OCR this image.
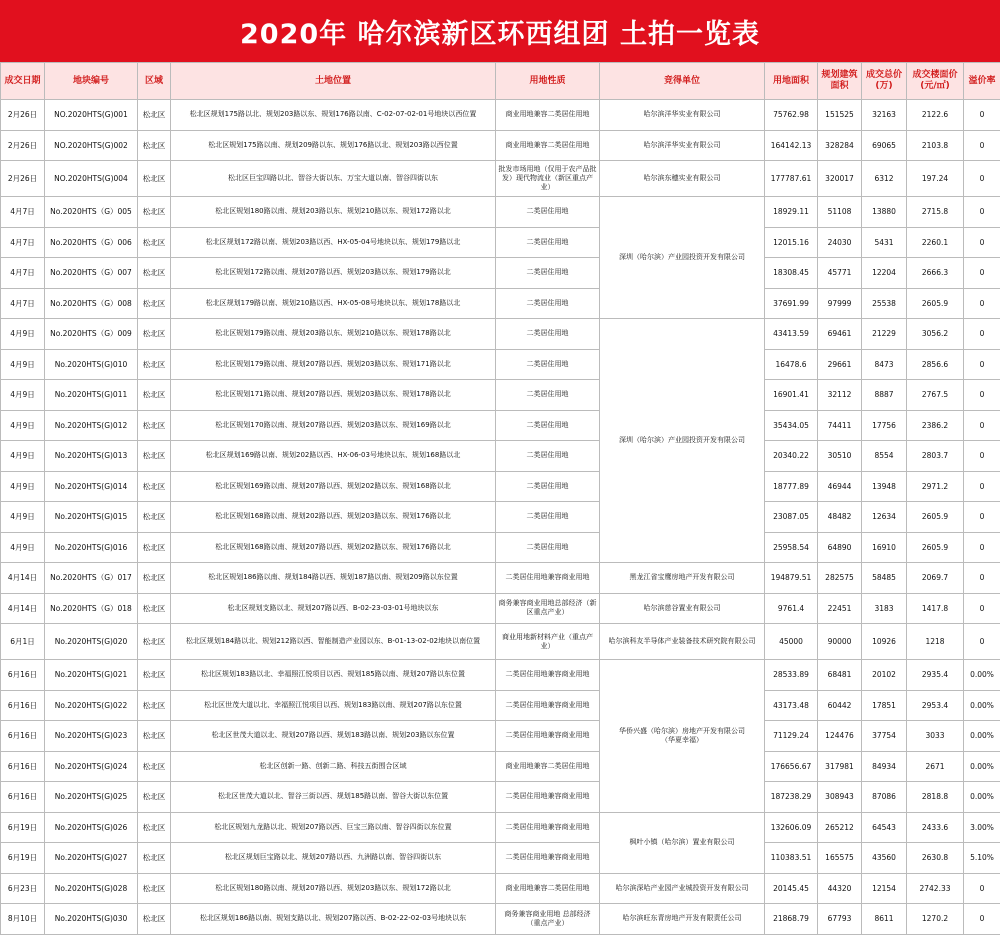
2020年 哈尔滨新区环西组团 土拍一览表
成交日期	地块编号	区域	土地位置	用地性质	竞得单位	用地面积	规划建筑面积	成交总价(万)	成交楼面价(元/㎡)	溢价率
2月26日	NO.2020HTS(G)001	松北区	松北区规划175路以北、规划203路以东、规划176路以南、C-02-07-02-01号地块以西位置	商业用地兼容二类居住用地	哈尔滨洋华实业有限公司	75762.98	151525	32163	2122.6	0
2月26日	NO.2020HTS(G)002	松北区	松北区规划175路以南、规划209路以东、规划176路以北、规划203路以西位置	商业用地兼容二类居住用地	哈尔滨洋华实业有限公司	164142.13	328284	69065	2103.8	0
2月26日	NO.2020HTS(G)004	松北区	松北区巨宝四路以北、智谷大街以东、万宝大道以南、智谷四街以东	批发市场用地（仅用于农产品批发）现代物流业（新区重点产业）	哈尔滨东穗实业有限公司	177787.61	320017	6312	197.24	0
4月7日	No.2020HTS（G）005	松北区	松北区规划180路以南、规划203路以东、规划210路以东、规划172路以北	二类居住用地	深圳（哈尔滨）产业园投资开发有限公司	18929.11	51108	13880	2715.8	0
4月7日	No.2020HTS（G）006	松北区	松北区规划172路以南、规划203路以西、HX-05-04号地块以东、规划179路以北	二类居住用地		12015.16	24030	5431	2260.1	0
4月7日	No.2020HTS（G）007	松北区	松北区规划172路以南、规划207路以西、规划203路以东、规划179路以北	二类居住用地		18308.45	45771	12204	2666.3	0
4月7日	No.2020HTS（G）008	松北区	松北区规划179路以南、规划210路以西、HX-05-08号地块以东、规划178路以北	二类居住用地		37691.99	97999	25538	2605.9	0
4月9日	No.2020HTS（G）009	松北区	松北区规划179路以南、规划203路以东、规划210路以东、规划178路以北	二类居住用地	深圳（哈尔滨）产业园投资开发有限公司	43413.59	69461	21229	3056.2	0
4月9日	No.2020HTS(G)010	松北区	松北区规划179路以南、规划207路以西、规划203路以东、规划171路以北	二类居住用地		16478.6	29661	8473	2856.6	0
4月9日	No.2020HTS(G)011	松北区	松北区规划171路以南、规划207路以西、规划203路以东、规划178路以北	二类居住用地		16901.41	32112	8887	2767.5	0
4月9日	No.2020HTS(G)012	松北区	松北区规划170路以南、规划207路以西、规划203路以东、规划169路以北	二类居住用地		35434.05	74411	17756	2386.2	0
4月9日	No.2020HTS(G)013	松北区	松北区规划169路以南、规划202路以西、HX-06-03号地块以东、规划168路以北	二类居住用地		20340.22	30510	8554	2803.7	0
4月9日	No.2020HTS(G)014	松北区	松北区规划169路以南、规划207路以西、规划202路以东、规划168路以北	二类居住用地		18777.89	46944	13948	2971.2	0
4月9日	No.2020HTS(G)015	松北区	松北区规划168路以南、规划202路以西、规划203路以东、规划176路以北	二类居住用地		23087.05	48482	12634	2605.9	0
4月9日	No.2020HTS(G)016	松北区	松北区规划168路以南、规划207路以西、规划202路以东、规划176路以北	二类居住用地		25958.54	64890	16910	2605.9	0
4月14日	No.2020HTS（G）017	松北区	松北区规划186路以南、规划184路以西、规划187路以南、规划209路以东位置	二类居住用地兼容商业用地	黑龙江省宝鹰房地产开发有限公司	194879.51	282575	58485	2069.7	0
4月14日	No.2020HTS（G）018	松北区	松北区规划支路以北、规划207路以西、B-02-23-03-01号地块以东	商务兼容商业用地总部经济（新区重点产业）	哈尔滨慈谷置业有限公司	9761.4	22451	3183	1417.8	0
6月1日	No.2020HTS(G)020	松北区	松北区规划184路以北、规划212路以西、智能制造产业园以东、B-01-13-02-02地块以南位置	商业用地新材料产业（重点产业）	哈尔滨科友半导体产业装备技术研究院有限公司	45000	90000	10926	1218	0
6月16日	No.2020HTS(G)021	松北区	松北区规划183路以北、幸福照江悦项目以西、规划185路以南、规划207路以东位置	二类居住用地兼容商业用地	华侨兴盛（哈尔滨）房地产开发有限公司
（华夏幸福）	28533.89	68481	20102	2935.4	0.00%
6月16日	No.2020HTS(G)022	松北区	松北区世茂大道以北、幸福照江悦项目以西、规划183路以南、规划207路以东位置	二类居住用地兼容商业用地		43173.48	60442	17851	2953.4	0.00%
6月16日	No.2020HTS(G)023	松北区	松北区世茂大道以北、规划207路以西、规划183路以南、规划203路以东位置	二类居住用地兼容商业用地		71129.24	124476	37754	3033	0.00%
6月16日	No.2020HTS(G)024	松北区	松北区创新一路、创新二路、科技五街围合区域	商业用地兼容二类居住用地		176656.67	317981	84934	2671	0.00%
6月16日	No.2020HTS(G)025	松北区	松北区世茂大道以北、智谷三街以西、规划185路以南、智谷大街以东位置	二类居住用地兼容商业用地		187238.29	308943	87086	2818.8	0.00%
6月19日	No.2020HTS(G)026	松北区	松北区规划九龙路以北、规划207路以西、巨宝三路以南、智谷四街以东位置	二类居住用地兼容商业用地	枫叶小镇（哈尔滨）置业有限公司	132606.09	265212	64543	2433.6	3.00%
6月19日	No.2020HTS(G)027	松北区	松北区规划巨宝路以北、规划207路以西、九洲路以南、智谷四街以东	二类居住用地兼容商业用地		110383.51	165575	43560	2630.8	5.10%
6月23日	No.2020HTS(G)028	松北区	松北区规划180路以南、规划207路以西、规划203路以东、规划172路以北	商业用地兼容二类居住用地	哈尔滨深哈产业园产业城投资开发有限公司	20145.45	44320	12154	2742.33	0
8月10日	No.2020HTS(G)030	松北区	松北区规划186路以南、规划支路以北、规划207路以西、B-02-22-02-03号地块以东	商务兼容商业用地 总部经济（重点产业）	哈尔滨旺东青房地产开发有限责任公司	21868.79	67793	8611	1270.2	0
